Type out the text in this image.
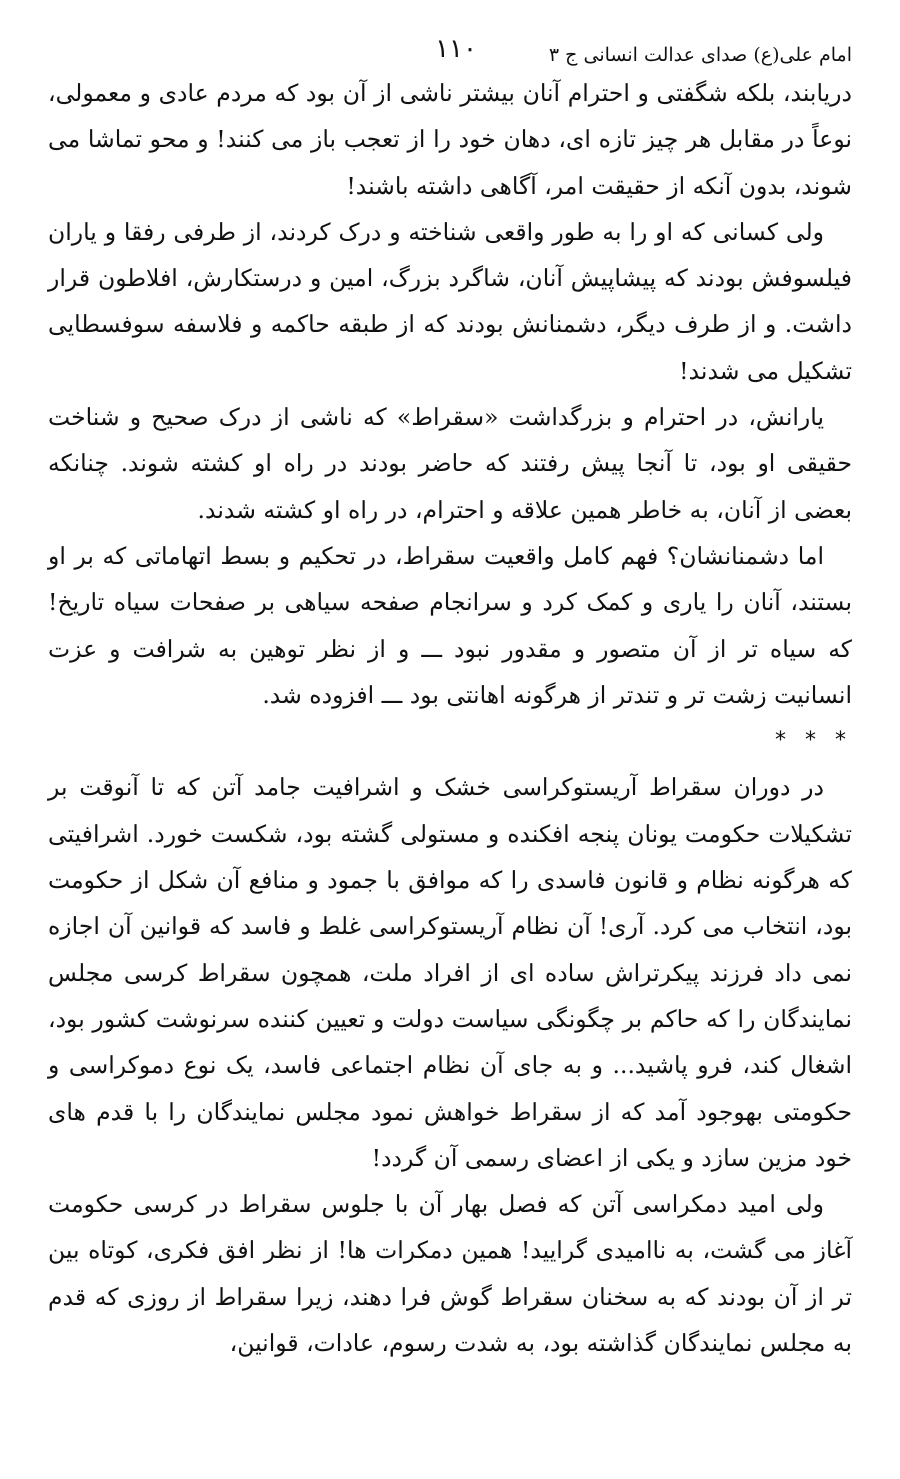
امام علی(ع) صدای عدالت انسانی ج ۳
۱۱۰

دریابند، بلکه شگفتی و احترام آنان بیشتر ناشی از آن بود که مردم عادی و معمولی، نوعاً در مقابل هر چیز تازه ای، دهان خود را از تعجب باز می کنند! و محو تماشا می شوند، بدون آنکه از حقیقت امر، آگاهی داشته باشند!

ولی کسانی که او را به طور واقعی شناخته و درک کردند، از طرفی رفقا و یاران فیلسوفش بودند که پیشاپیش آنان، شاگرد بزرگ، امین و درستکارش، افلاطون قرار داشت. و از طرف دیگر، دشمنانش بودند که از طبقه حاکمه و فلاسفه سوفسطایی تشکیل می شدند!

یارانش، در احترام و بزرگداشت «سقراط» که ناشی از درک صحیح و شناخت حقیقی او بود، تا آنجا پیش رفتند که حاضر بودند در راه او کشته شوند. چنانکه بعضی از آنان، به خاطر همین علاقه و احترام، در راه او کشته شدند.

اما دشمنانشان؟ فهم کامل واقعیت سقراط، در تحکیم و بسط اتهاماتی که بر او بستند، آنان را یاری و کمک کرد و سرانجام صفحه سیاهی بر صفحات سیاه تاریخ! که سیاه تر از آن متصور و مقدور نبود ـــ و از نظر توهین به شرافت و عزت انسانیت زشت تر و تندتر از هرگونه اهانتی بود ـــ افزوده شد.

* * *

در دوران سقراط آریستوکراسی خشک و اشرافیت جامد آتن که تا آنوقت بر تشکیلات حکومت یونان پنجه افکنده و مستولی گشته بود، شکست خورد. اشرافیتی که هرگونه نظام و قانون فاسدی را که موافق با جمود و منافع آن شکل از حکومت بود، انتخاب می کرد. آری! آن نظام آریستوکراسی غلط و فاسد که قوانین آن اجازه نمی داد فرزند پیکرتراش ساده ای از افراد ملت، همچون سقراط کرسی مجلس نمایندگان را که حاکم بر چگونگی سیاست دولت و تعیین کننده سرنوشت کشور بود، اشغال کند، فرو پاشید... و به جای آن نظام اجتماعی فاسد، یک نوع دموکراسی و حکومتی بهوجود آمد که از سقراط خواهش نمود مجلس نمایندگان را با قدم های خود مزین سازد و یکی از اعضای رسمی آن گردد!

ولی امید دمکراسی آتن که فصل بهار آن با جلوس سقراط در کرسی حکومت آغاز می گشت، به ناامیدی گرایید! همین دمکرات ها! از نظر افق فکری، کوتاه بین تر از آن بودند که به سخنان سقراط گوش فرا دهند، زیرا سقراط از روزی که قدم به مجلس نمایندگان گذاشته بود، به شدت رسوم، عادات، قوانین،
